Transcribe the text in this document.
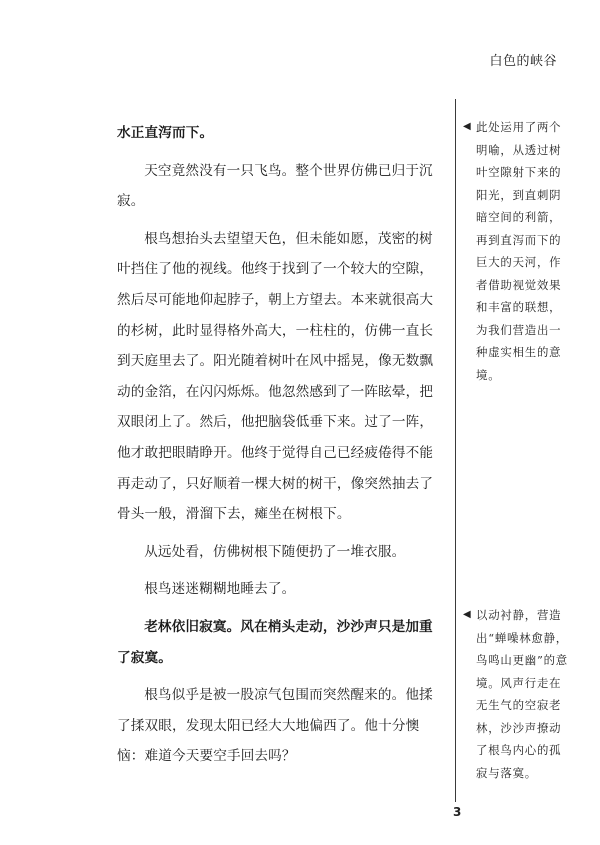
白色的峡谷

水正直泻而下。

天空竟然没有一只飞鸟。整个世界仿佛已归于沉寂。

根鸟想抬头去望望天色，但未能如愿，茂密的树叶挡住了他的视线。他终于找到了一个较大的空隙，然后尽可能地仰起脖子，朝上方望去。本来就很高大的杉树，此时显得格外高大，一柱柱的，仿佛一直长到天庭里去了。阳光随着树叶在风中摇晃，像无数飘动的金箔，在闪闪烁烁。他忽然感到了一阵眩晕，把双眼闭上了。然后，他把脑袋低垂下来。过了一阵，他才敢把眼睛睁开。他终于觉得自己已经疲倦得不能再走动了，只好顺着一棵大树的树干，像突然抽去了骨头一般，滑溜下去，瘫坐在树根下。

从远处看，仿佛树根下随便扔了一堆衣服。

根鸟迷迷糊糊地睡去了。

老林依旧寂寞。风在梢头走动，沙沙声只是加重了寂寞。

根鸟似乎是被一股凉气包围而突然醒来的。他揉了揉双眼，发现太阳已经大大地偏西了。他十分懊恼：难道今天要空手回去吗？

◀ 此处运用了两个明喻，从透过树叶空隙射下来的阳光，到直刺阴暗空间的利箭，再到直泻而下的巨大的天河，作者借助视觉效果和丰富的联想，为我们营造出一种虚实相生的意境。
◀ 以动衬静，营造出“蝉噪林愈静，鸟鸣山更幽”的意境。风声行走在无生气的空寂老林，沙沙声撩动了根鸟内心的孤寂与落寞。
3
